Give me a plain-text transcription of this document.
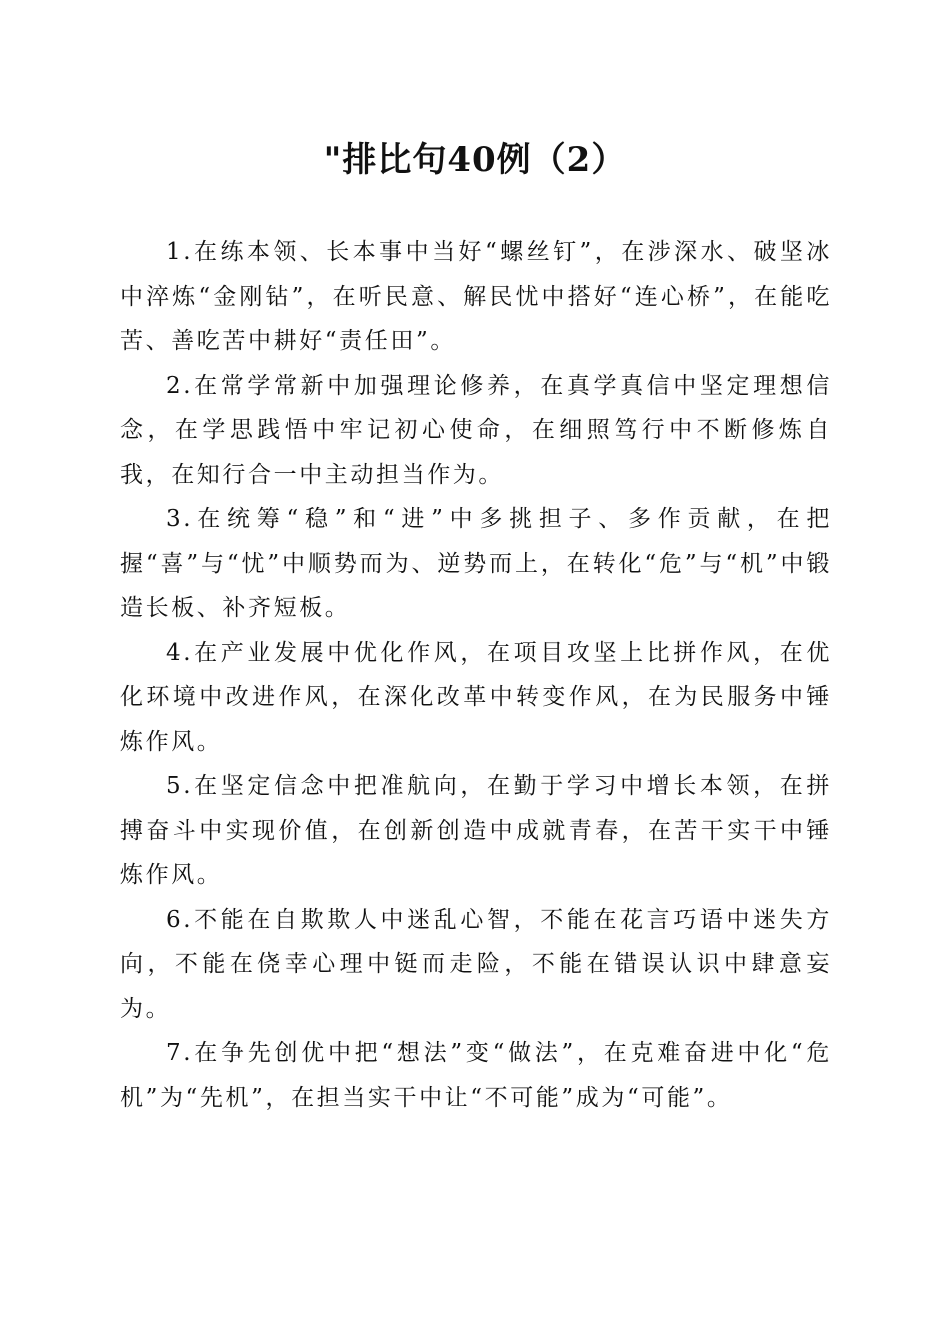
"排比句40例（2）

1.在练本领、长本事中当好“螺丝钉”，在涉深水、破坚冰中淬炼“金刚钻”，在听民意、解民忧中搭好“连心桥”，在能吃苦、善吃苦中耕好“责任田”。

2.在常学常新中加强理论修养，在真学真信中坚定理想信念，在学思践悟中牢记初心使命，在细照笃行中不断修炼自我，在知行合一中主动担当作为。

3.在统筹“稳”和“进”中多挑担子、多作贡献，在把握“喜”与“忧”中顺势而为、逆势而上，在转化“危”与“机”中锻造长板、补齐短板。

4.在产业发展中优化作风，在项目攻坚上比拼作风，在优化环境中改进作风，在深化改革中转变作风，在为民服务中锤炼作风。

5.在坚定信念中把准航向，在勤于学习中增长本领，在拼搏奋斗中实现价值，在创新创造中成就青春，在苦干实干中锤炼作风。

6.不能在自欺欺人中迷乱心智，不能在花言巧语中迷失方向，不能在侥幸心理中铤而走险，不能在错误认识中肆意妄为。

7.在争先创优中把“想法”变“做法”，在克难奋进中化“危机”为“先机”，在担当实干中让“不可能”成为“可能”。
